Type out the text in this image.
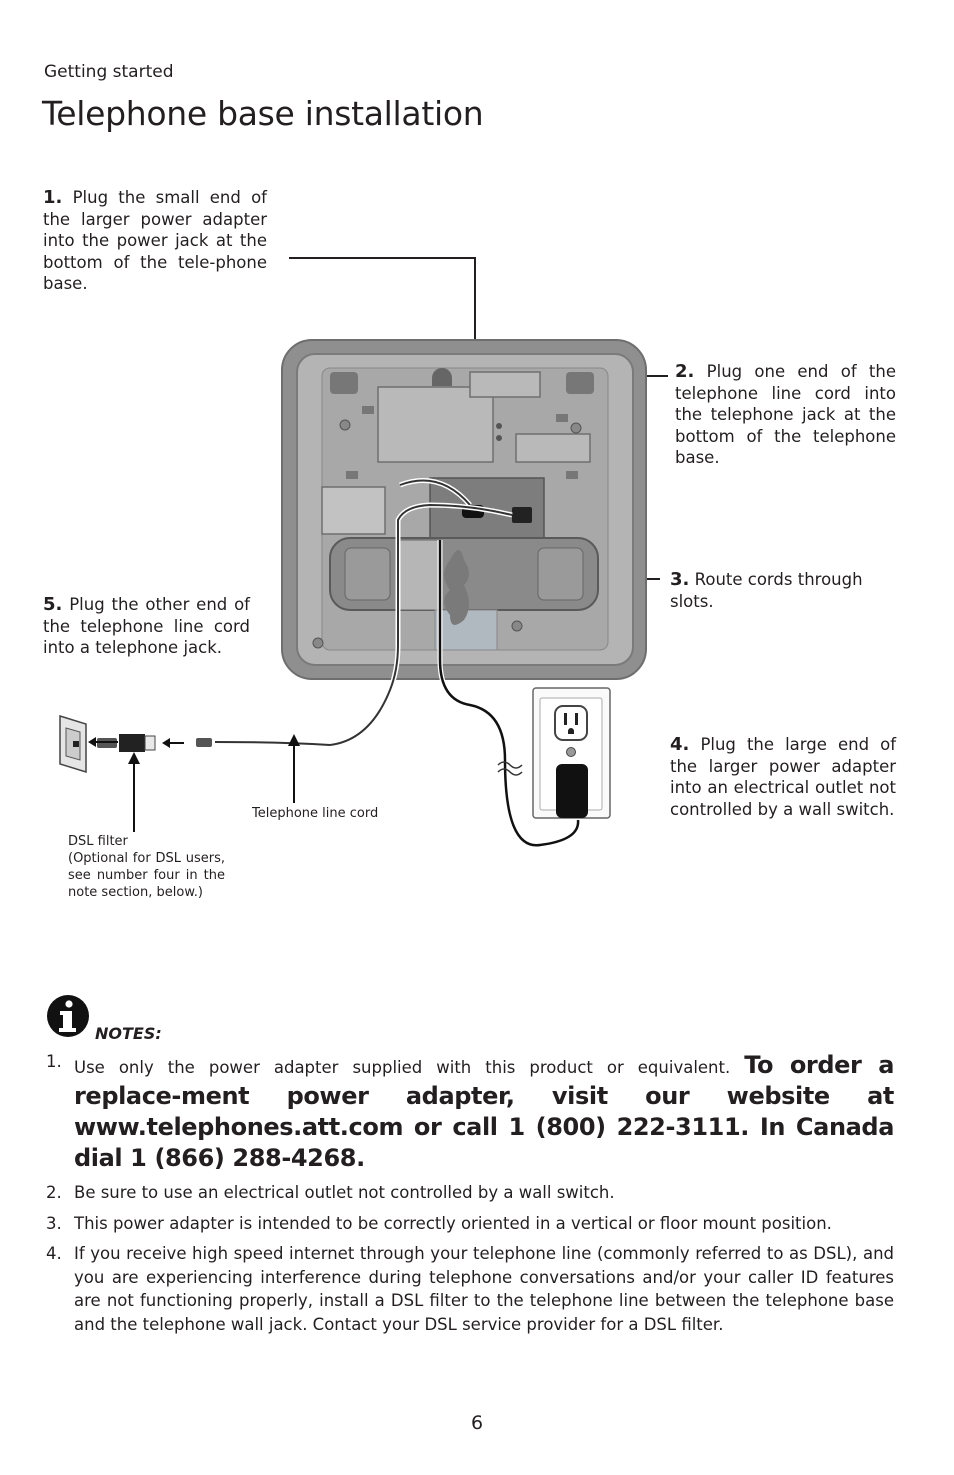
Getting started
Telephone base installation
1. Plug the small end of the larger power adapter into the power jack at the bottom of the tele-phone base.
2. Plug one end of the telephone line cord into the telephone jack at the bottom of the telephone base.
3. Route cords through slots.
4. Plug the large end of the larger power adapter into an electrical outlet not controlled by a wall switch.
5. Plug the other end of the telephone line cord into a telephone jack.
Telephone line cord
DSL filter
(Optional for DSL users, see number four in the note section, below.)
NOTES:
1. Use only the power adapter supplied with this product or equivalent. To order a replace-ment power adapter, visit our website at www.telephones.att.com or call 1 (800) 222-3111. In Canada dial 1 (866) 288-4268.
2. Be sure to use an electrical outlet not controlled by a wall switch.
3. This power adapter is intended to be correctly oriented in a vertical or floor mount position.
4. If you receive high speed internet through your telephone line (commonly referred to as DSL), and you are experiencing interference during telephone conversations and/or your caller ID features are not functioning properly, install a DSL filter to the telephone line between the telephone base and the telephone wall jack. Contact your DSL service provider for a DSL filter.
6
